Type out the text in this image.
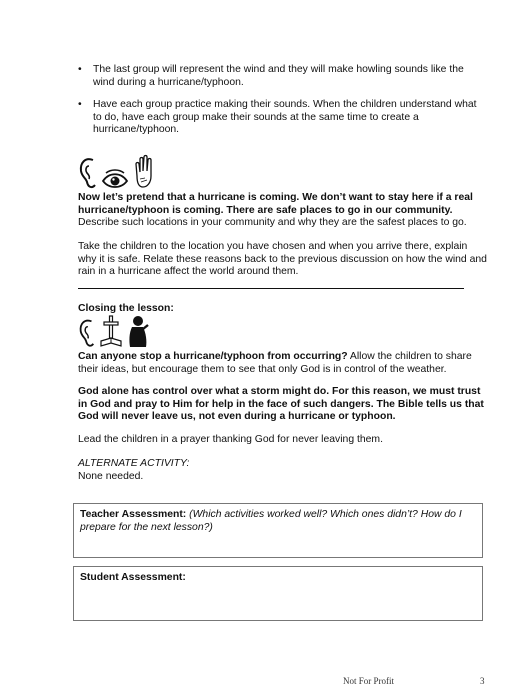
• The last group will represent the wind and they will make howling sounds like the wind during a hurricane/typhoon.
• Have each group practice making their sounds. When the children understand what to do, have each group make their sounds at the same time to create a hurricane/typhoon.
Now let’s pretend that a hurricane is coming. We don’t want to stay here if a real hurricane/typhoon is coming. There are safe places to go in our community. Describe such locations in your community and why they are the safest places to go.
Take the children to the location you have chosen and when you arrive there, explain why it is safe. Relate these reasons back to the previous discussion on how the wind and rain in a hurricane affect the world around them.
Closing the lesson:
Can anyone stop a hurricane/typhoon from occurring? Allow the children to share their ideas, but encourage them to see that only God is in control of the weather.
God alone has control over what a storm might do. For this reason, we must trust in God and pray to Him for help in the face of such dangers. The Bible tells us that God will never leave us, not even during a hurricane or typhoon.
Lead the children in a prayer thanking God for never leaving them.
ALTERNATE ACTIVITY:
None needed.
Teacher Assessment: (Which activities worked well? Which ones didn’t? How do I prepare for the next lesson?)
Student Assessment:
Not For Profit	3
